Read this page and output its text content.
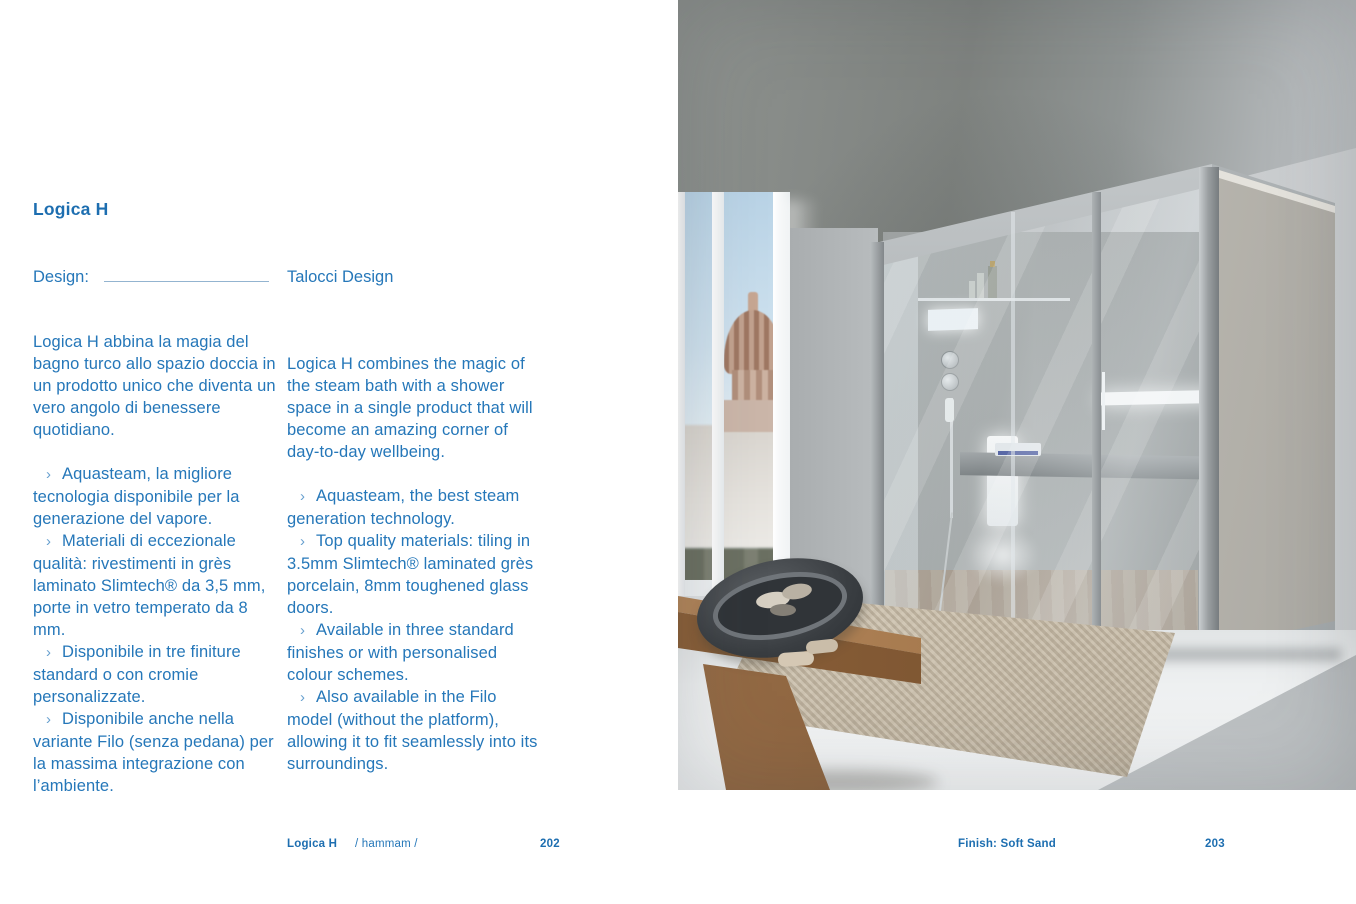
Logica H
Design:	Talocci Design

Logica H abbina la magia del bagno turco allo spazio doccia in un prodotto unico che diventa un vero angolo di benessere quotidiano.

› Aquasteam, la migliore tecnologia disponibile per la generazione del vapore.

› Materiali di eccezionale qualità: rivestimenti in grès laminato Slimtech® da 3,5 mm, porte in vetro temperato da 8 mm.

› Disponibile in tre finiture standard o con cromie personalizzate.

› Disponibile anche nella variante Filo (senza pedana) per la massima integrazione con l’ambiente.

Logica H combines the magic of the steam bath with a shower space in a single product that will become an amazing corner of day-to-day wellbeing.

› Aquasteam, the best steam generation technology.

› Top quality materials: tiling in 3.5mm Slimtech® laminated grès porcelain, 8mm toughened glass doors.

› Available in three standard finishes or with personalised colour schemes.

› Also available in the Filo model (without the platform), allowing it to fit seamlessly into its surroundings.

Logica H / hammam /	202	Finish: Soft Sand	203
